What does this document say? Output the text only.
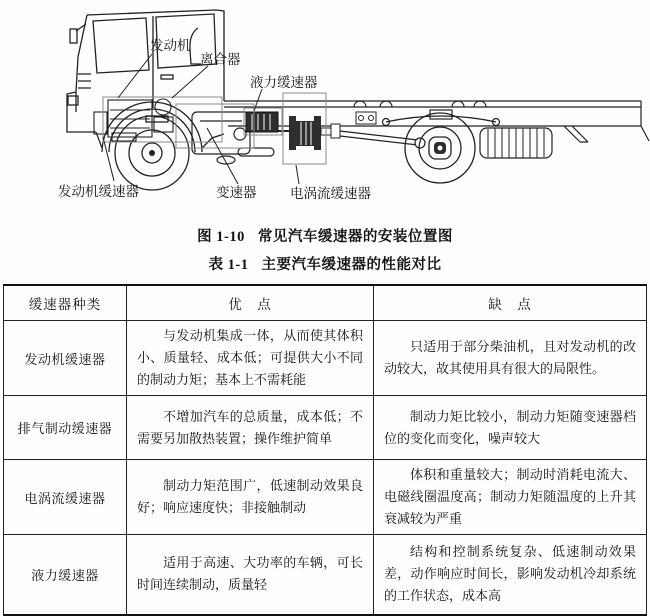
发动机
离合器
液力缓速器
发动机缓速器	变速器 电涡流缓速器
图 1-10 常见汽车缓速器的安装位置图
表 1-1 主要汽车缓速器的性能对比
缓速器种类	优　点	缺　点
发动机缓速器	与发动机集成一体，从而使其体积小、质量轻、成本低；可提供大小不同的制动力矩；基本上不需耗能	只适用于部分柴油机，且对发动机的改动较大，故其使用具有很大的局限性。
排气制动缓速器	不增加汽车的总质量，成本低；不需要另加散热装置；操作维护简单	制动力矩比较小，制动力矩随变速器档位的变化而变化，噪声较大
电涡流缓速器	制动力矩范围广，低速制动效果良好；响应速度快；非接触制动	体积和重量较大；制动时消耗电流大、电磁线圈温度高；制动力矩随温度的上升其衰减较为严重
液力缓速器	适用于高速、大功率的车辆，可长时间连续制动，质量轻	结构和控制系统复杂、低速制动效果差，动作响应时间长，影响发动机冷却系统的工作状态，成本高
